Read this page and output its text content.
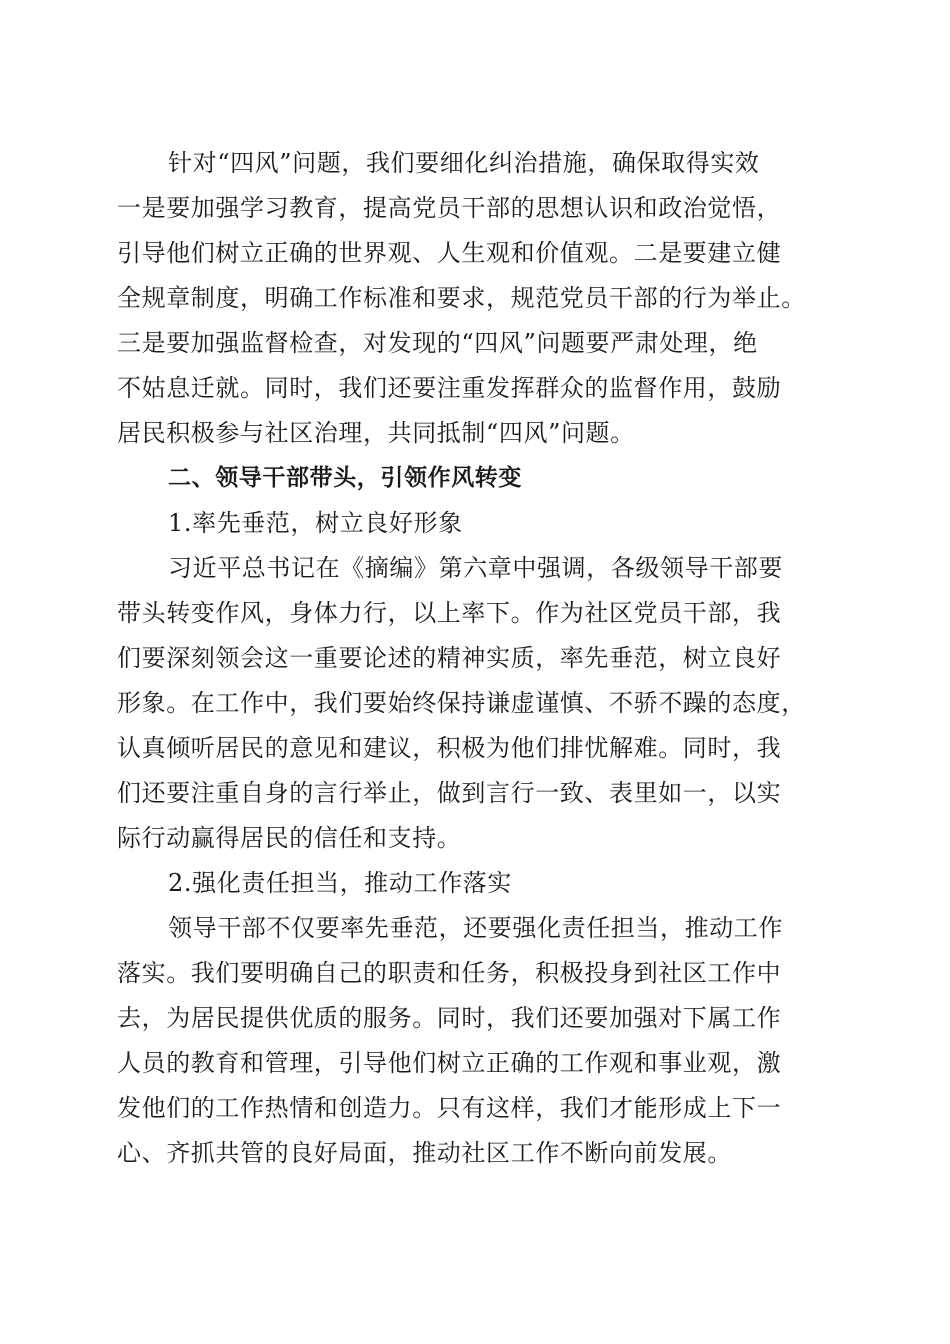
针对“四风”问题，我们要细化纠治措施，确保取得实效
一是要加强学习教育，提高党员干部的思想认识和政治觉悟，
引导他们树立正确的世界观、人生观和价值观。二是要建立健
全规章制度，明确工作标准和要求，规范党员干部的行为举止。
三是要加强监督检查，对发现的“四风”问题要严肃处理，绝
不姑息迁就。同时，我们还要注重发挥群众的监督作用，鼓励
居民积极参与社区治理，共同抵制“四风”问题。
二、领导干部带头，引领作风转变
1.率先垂范，树立良好形象
习近平总书记在《摘编》第六章中强调，各级领导干部要
带头转变作风，身体力行，以上率下。作为社区党员干部，我
们要深刻领会这一重要论述的精神实质，率先垂范，树立良好
形象。在工作中，我们要始终保持谦虚谨慎、不骄不躁的态度，
认真倾听居民的意见和建议，积极为他们排忧解难。同时，我
们还要注重自身的言行举止，做到言行一致、表里如一，以实
际行动赢得居民的信任和支持。
2.强化责任担当，推动工作落实
领导干部不仅要率先垂范，还要强化责任担当，推动工作
落实。我们要明确自己的职责和任务，积极投身到社区工作中
去，为居民提供优质的服务。同时，我们还要加强对下属工作
人员的教育和管理，引导他们树立正确的工作观和事业观，激
发他们的工作热情和创造力。只有这样，我们才能形成上下一
心、齐抓共管的良好局面，推动社区工作不断向前发展。
